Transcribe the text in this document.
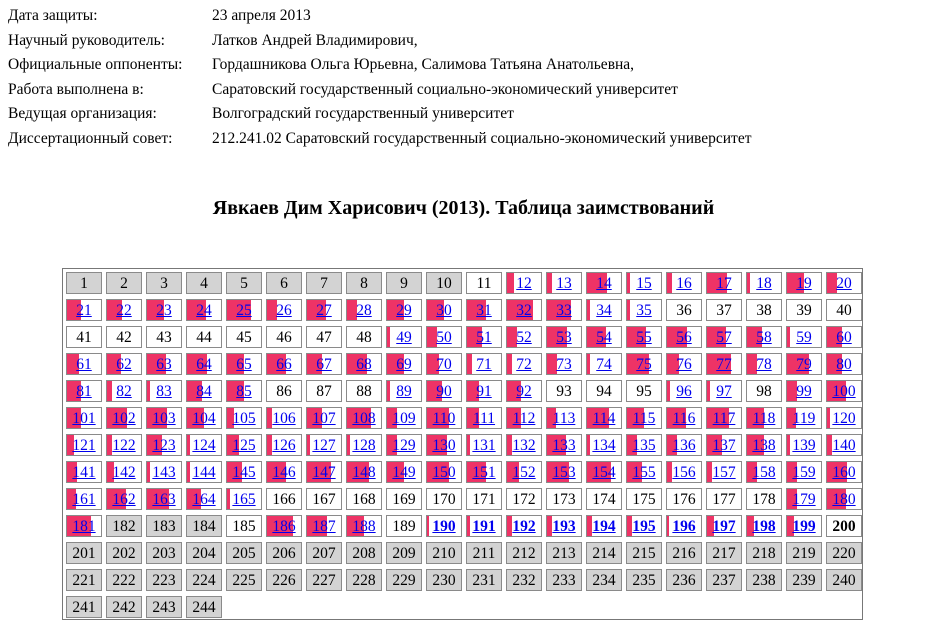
Дата защиты:	23 апреля 2013
Научный руководитель:	Латков Андрей Владимирович,
Официальные оппоненты:	Гордашникова Ольга Юрьевна, Салимова Татьяна Анатольевна,
Работа выполнена в:	Саратовский государственный социально-экономический университет
Ведущая организация:	Волгоградский государственный университет
Диссертационный совет:	212.241.02 Саратовский государственный социально-экономический университет
Явкаев Дим Харисович (2013). Таблица заимствований
1	2	3	4	5	6	7	8	9	10	11	12	13	14	15	16	17	18	19	20
21	22	23	24	25	26	27	28	29	30	31	32	33	34	35	36	37	38	39	40
41	42	43	44	45	46	47	48	49	50	51	52	53	54	55	56	57	58	59	60
61	62	63	64	65	66	67	68	69	70	71	72	73	74	75	76	77	78	79	80
81	82	83	84	85	86	87	88	89	90	91	92	93	94	95	96	97	98	99	100
101	102	103	104	105	106	107	108	109	110	111	112	113	114	115	116	117	118	119	120
121	122	123	124	125	126	127	128	129	130	131	132	133	134	135	136	137	138	139	140
141	142	143	144	145	146	147	148	149	150	151	152	153	154	155	156	157	158	159	160
161	162	163	164	165	166	167	168	169	170	171	172	173	174	175	176	177	178	179	180
181	182	183	184	185	186	187	188	189	190	191	192	193	194	195	196	197	198	199	200
201	202	203	204	205	206	207	208	209	210	211	212	213	214	215	216	217	218	219	220
221	222	223	224	225	226	227	228	229	230	231	232	233	234	235	236	237	238	239	240
241	242	243	244
